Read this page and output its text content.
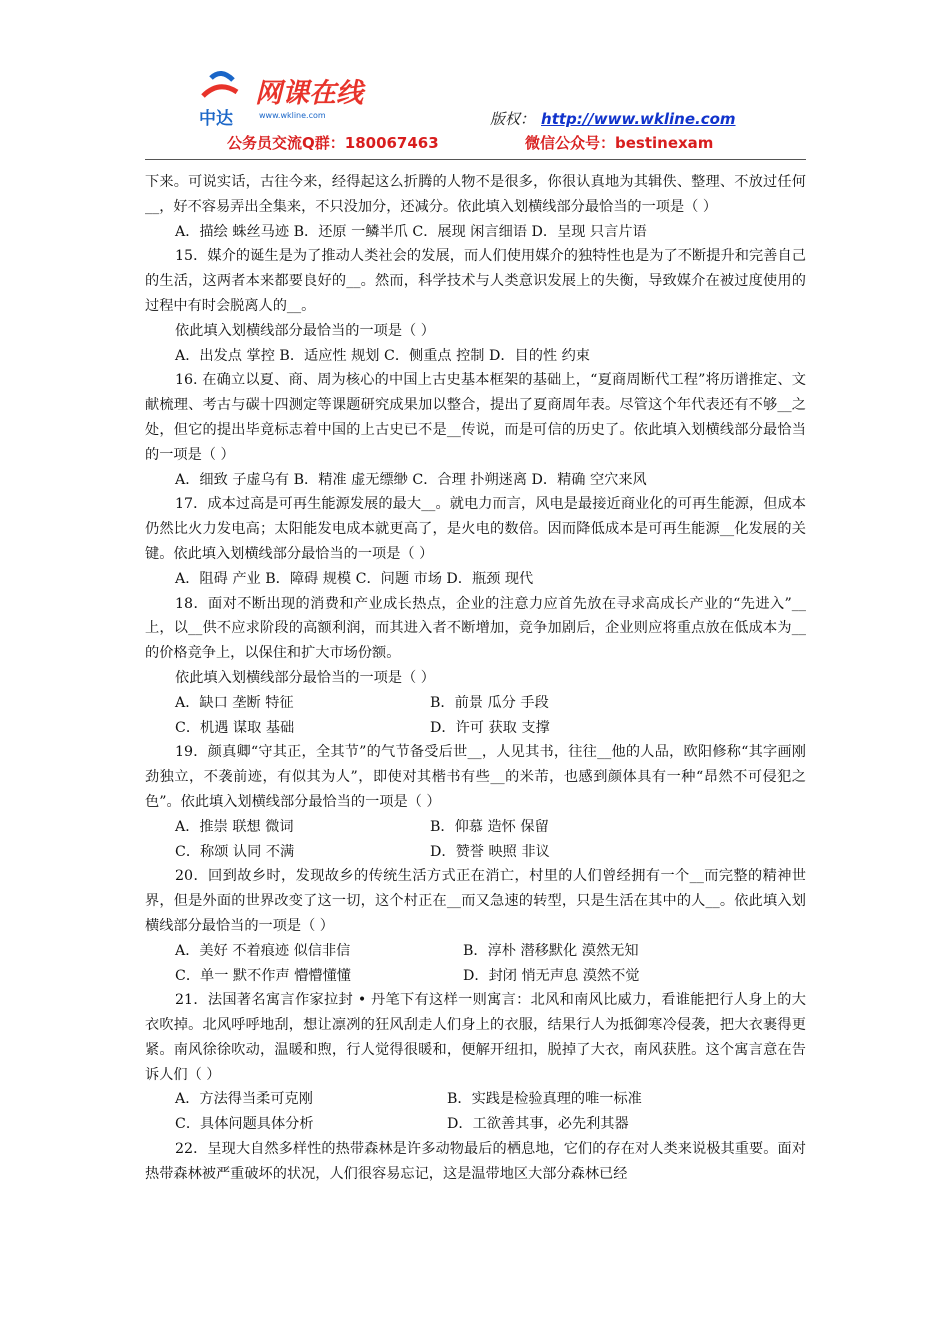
中达
网课在线
www.wkline.com	版权： http://www.wkline.com
公务员交流Q群：180067463	微信公众号：bestinexam

下来。可说实话，古往今来，经得起这么折腾的人物不是很多，你很认真地为其辑佚、整理、不放过任何__，好不容易弄出全集来，不只没加分，还减分。依此填入划横线部分最恰当的一项是（ ）

A．描绘 蛛丝马迹 B．还原 一鳞半爪 C．展现 闲言细语 D．呈现 只言片语

15．媒介的诞生是为了推动人类社会的发展，而人们使用媒介的独特性也是为了不断提升和完善自己的生活，这两者本来都要良好的__。然而，科学技术与人类意识发展上的失衡，导致媒介在被过度使用的过程中有时会脱离人的__。

依此填入划横线部分最恰当的一项是（ ）

A．出发点 掌控 B．适应性 规划 C．侧重点 控制 D．目的性 约束

16. 在确立以夏、商、周为核心的中国上古史基本框架的基础上，“夏商周断代工程”将历谱推定、文献梳理、考古与碳十四测定等课题研究成果加以整合，提出了夏商周年表。尽管这个年代表还有不够__之处，但它的提出毕竟标志着中国的上古史已不是__传说，而是可信的历史了。依此填入划横线部分最恰当的一项是（ ）

A．细致 子虚乌有 B．精准 虚无缥缈 C．合理 扑朔迷离 D．精确 空穴来风

17．成本过高是可再生能源发展的最大__。就电力而言，风电是最接近商业化的可再生能源，但成本仍然比火力发电高；太阳能发电成本就更高了，是火电的数倍。因而降低成本是可再生能源__化发展的关键。依此填入划横线部分最恰当的一项是（ ）

A．阻碍 产业 B．障碍 规模 C．问题 市场 D．瓶颈 现代

18．面对不断出现的消费和产业成长热点，企业的注意力应首先放在寻求高成长产业的“先进入”__上，以__供不应求阶段的高额利润，而其进入者不断增加，竞争加剧后，企业则应将重点放在低成本为__的价格竞争上，以保住和扩大市场份额。

依此填入划横线部分最恰当的一项是（ ）

A．缺口 垄断 特征	B．前景 瓜分 手段
C．机遇 谋取 基础	D．许可 获取 支撑

19．颜真卿“守其正，全其节”的气节备受后世__，人见其书，往往__他的人品，欧阳修称“其字画刚劲独立，不袭前迹，有似其为人”，即使对其楷书有些__的米芾，也感到颜体具有一种“昂然不可侵犯之色”。依此填入划横线部分最恰当的一项是（ ）

A．推崇 联想 微词	B．仰慕 造怀 保留
C．称颂 认同 不满	D．赞誉 映照 非议

20．回到故乡时，发现故乡的传统生活方式正在消亡，村里的人们曾经拥有一个__而完整的精神世界，但是外面的世界改变了这一切，这个村正在__而又急速的转型，只是生活在其中的人__。依此填入划横线部分最恰当的一项是（ ）

A．美好 不着痕迹 似信非信	B．淳朴 潜移默化 漠然无知
C．单一 默不作声 懵懵懂懂	D．封闭 悄无声息 漠然不觉

21．法国著名寓言作家拉封 • 丹笔下有这样一则寓言：北风和南风比威力，看谁能把行人身上的大衣吹掉。北风呼呼地刮，想让凛冽的狂风刮走人们身上的衣服，结果行人为抵御寒冷侵袭，把大衣裹得更紧。南风徐徐吹动，温暖和煦，行人觉得很暖和，便解开纽扣，脱掉了大衣，南风获胜。这个寓言意在告诉人们（ ）

A．方法得当柔可克刚	B．实践是检验真理的唯一标准
C．具体问题具体分析	D．工欲善其事，必先利其器

22．呈现大自然多样性的热带森林是许多动物最后的栖息地，它们的存在对人类来说极其重要。面对热带森林被严重破坏的状况，人们很容易忘记，这是温带地区大部分森林已经
